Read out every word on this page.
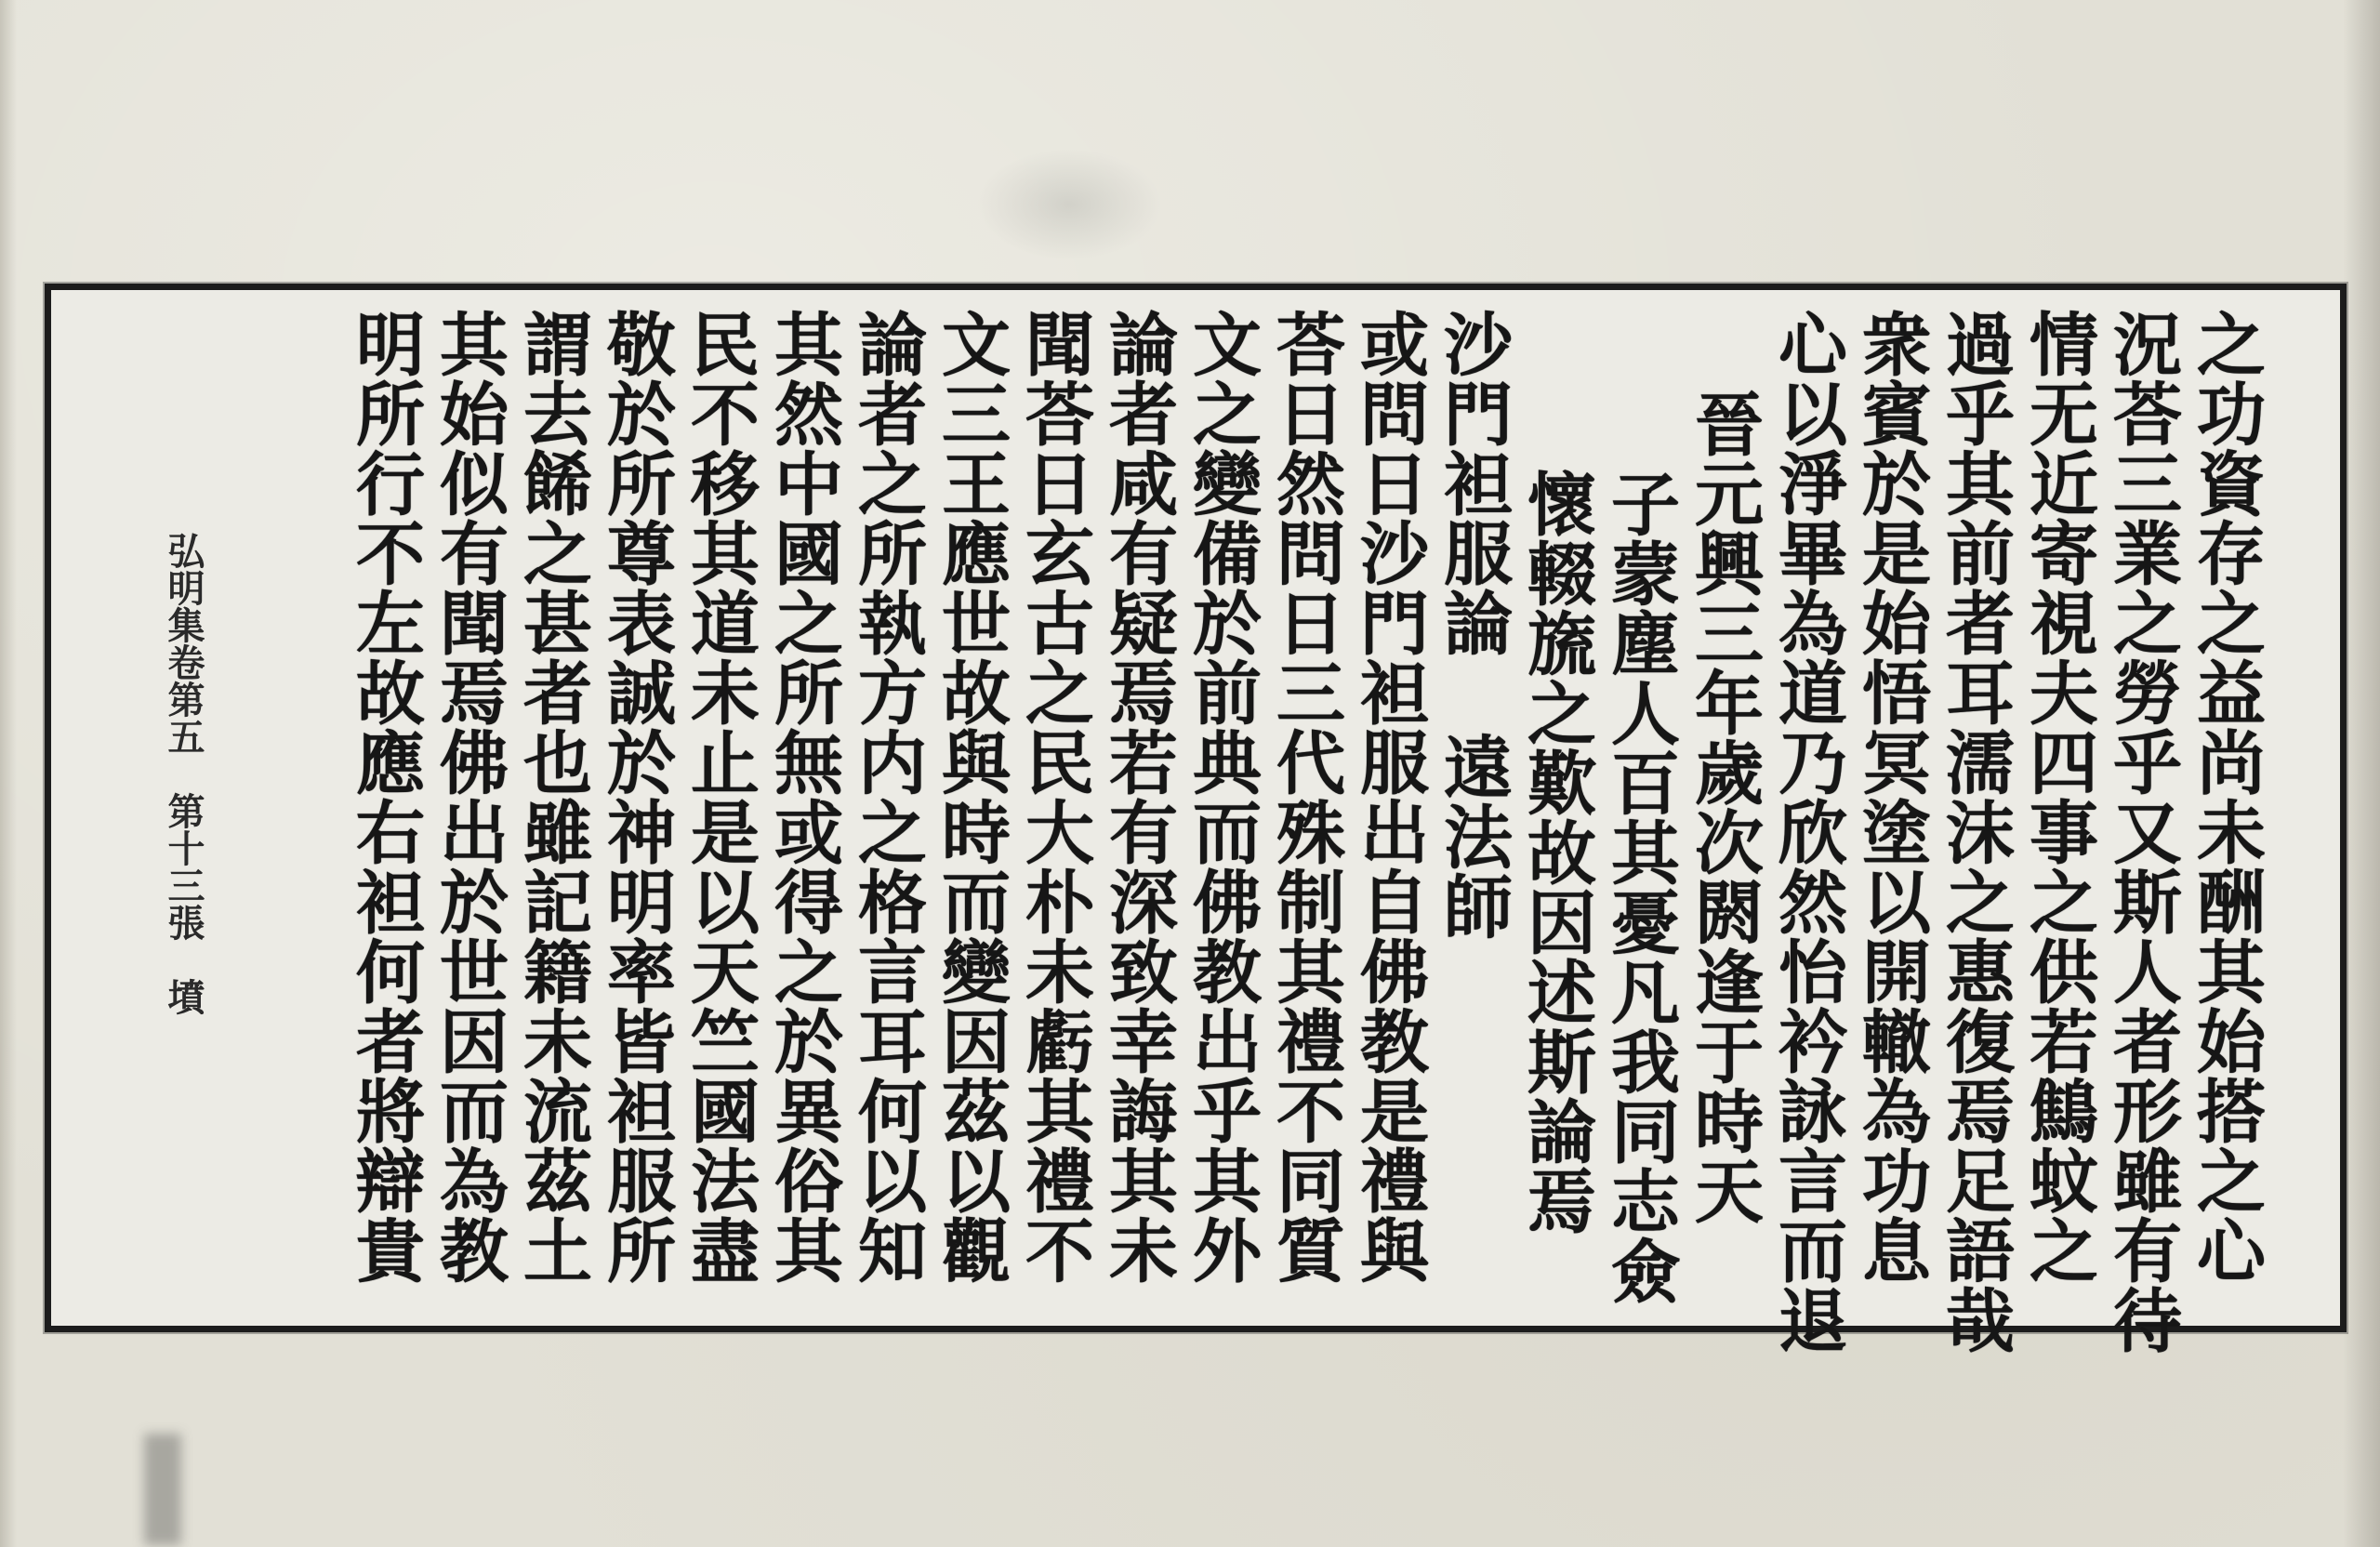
之功資存之益尚未酬其始搭之心
況荅三業之勞乎又斯人者形雖有待
情无近寄視夫四事之供若鷦蚊之
過乎其前者耳濡沫之惠復焉足語哉
衆賓於是始悟冥塗以開轍為功息
心以淨畢為道乃欣然怡衿詠言而退
晉元興三年歲次閼逢于時天
子蒙塵人百其憂凡我同志僉
懷輟旒之歎故因述斯論焉
沙門袒服論遠法師
或問日沙門袒服出自佛教是禮與
荅日然問日三代殊制其禮不同質
文之變備於前典而佛教出乎其外
論者咸有疑焉若有深致幸誨其未
聞荅日玄古之民大朴未虧其禮不
文三王應世故與時而變因茲以觀
論者之所執方内之格言耳何以知
其然中國之所無或得之於異俗其
民不移其道未止是以天竺國法盡
敬於所尊表誠於神明率皆袒服所
謂去餙之甚者也雖記籍未流茲土
其始似有聞焉佛出於世因而為教
明所行不左故應右袒何者將辯貴
弘明集卷第五
第十三張
墳
